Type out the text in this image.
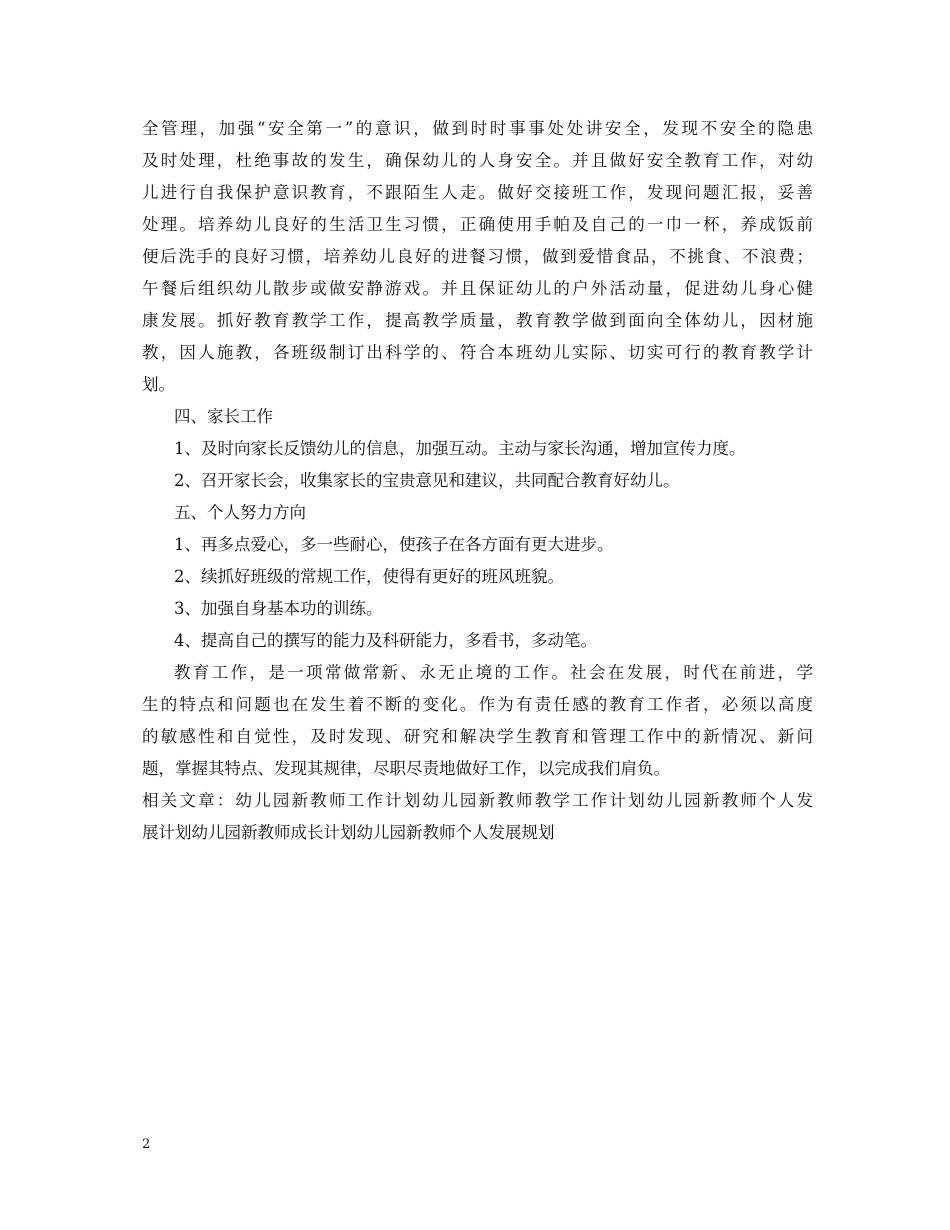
全管理，加强“安全第一”的意识，做到时时事事处处讲安全，发现不安全的隐患
及时处理，杜绝事故的发生，确保幼儿的人身安全。并且做好安全教育工作，对幼
儿进行自我保护意识教育，不跟陌生人走。做好交接班工作，发现问题汇报，妥善
处理。培养幼儿良好的生活卫生习惯，正确使用手帕及自己的一巾一杯，养成饭前
便后洗手的良好习惯，培养幼儿良好的进餐习惯，做到爱惜食品，不挑食、不浪费；
午餐后组织幼儿散步或做安静游戏。并且保证幼儿的户外活动量，促进幼儿身心健
康发展。抓好教育教学工作，提高教学质量，教育教学做到面向全体幼儿，因材施
教，因人施教，各班级制订出科学的、符合本班幼儿实际、切实可行的教育教学计
划。
四、家长工作
1、及时向家长反馈幼儿的信息，加强互动。主动与家长沟通，增加宣传力度。
2、召开家长会，收集家长的宝贵意见和建议，共同配合教育好幼儿。
五、个人努力方向
1、再多点爱心，多一些耐心，使孩子在各方面有更大进步。
2、续抓好班级的常规工作，使得有更好的班风班貌。
3、加强自身基本功的训练。
4、提高自己的撰写的能力及科研能力，多看书，多动笔。
教育工作，是一项常做常新、永无止境的工作。社会在发展，时代在前进，学
生的特点和问题也在发生着不断的变化。作为有责任感的教育工作者，必须以高度
的敏感性和自觉性，及时发现、研究和解决学生教育和管理工作中的新情况、新问
题，掌握其特点、发现其规律，尽职尽责地做好工作，以完成我们肩负。
相关文章：幼儿园新教师工作计划幼儿园新教师教学工作计划幼儿园新教师个人发
展计划幼儿园新教师成长计划幼儿园新教师个人发展规划
2
